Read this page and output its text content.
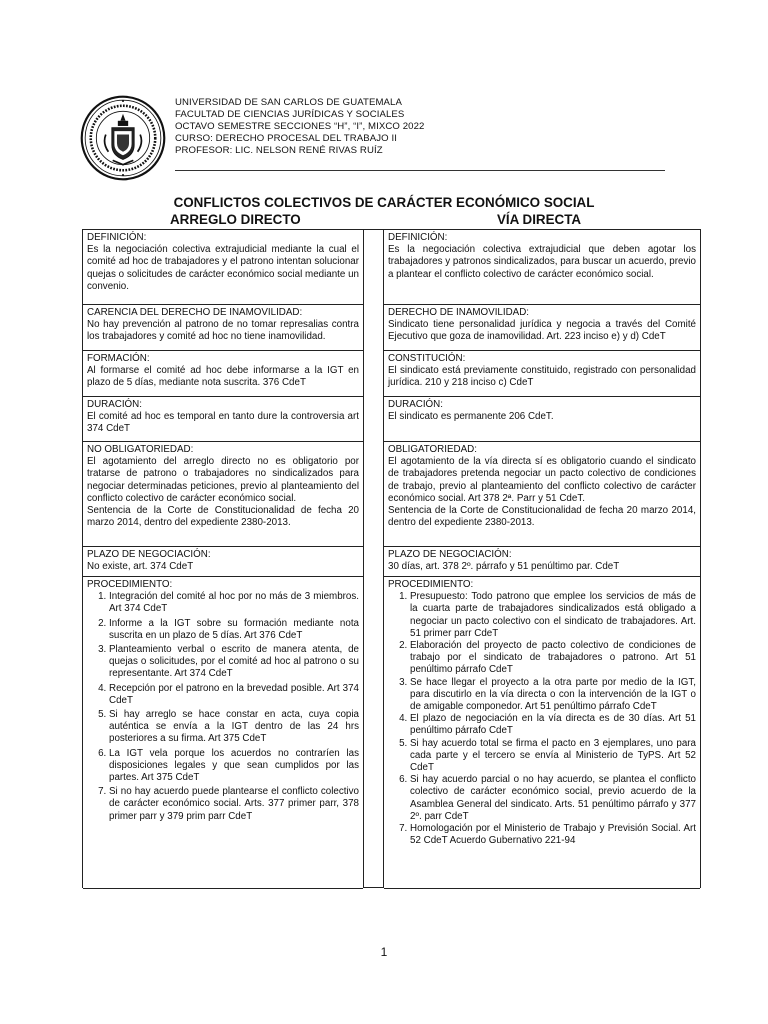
UNIVERSIDAD DE SAN CARLOS DE GUATEMALA
FACULTAD DE CIENCIAS JURÍDICAS Y SOCIALES
OCTAVO SEMESTRE SECCIONES “H”, “I”, MIXCO 2022
CURSO: DERECHO PROCESAL DEL TRABAJO II
PROFESOR: LIC. NELSON RENÉ RIVAS RUÍZ
CONFLICTOS COLECTIVOS DE CARÁCTER ECONÓMICO SOCIAL
ARREGLO DIRECTO	VÍA DIRECTA
DEFINICIÓN:
Es la negociación colectiva extrajudicial mediante la cual el comité ad hoc de trabajadores y el patrono intentan solucionar quejas o solicitudes de carácter económico social mediante un convenio.
CARENCIA DEL DERECHO DE INAMOVILIDAD:
No hay prevención al patrono de no tomar represalias contra los trabajadores y comité ad hoc no tiene inamovilidad.
FORMACIÓN:
Al formarse el comité ad hoc debe informarse a la IGT en plazo de 5 días, mediante nota suscrita. 376 CdeT
DURACIÓN:
El comité ad hoc es temporal en tanto dure la controversia art 374 CdeT
NO OBLIGATORIEDAD:
El agotamiento del arreglo directo no es obligatorio por tratarse de patrono o trabajadores no sindicalizados para negociar determinadas peticiones, previo al planteamiento del conflicto colectivo de carácter económico social.
Sentencia de la Corte de Constitucionalidad de fecha 20 marzo 2014, dentro del expediente 2380-2013.
PLAZO DE NEGOCIACIÓN:
No existe, art. 374 CdeT
PROCEDIMIENTO:
1. Integración del comité al hoc por no más de 3 miembros. Art 374 CdeT
2. Informe a la IGT sobre su formación mediante nota suscrita en un plazo de 5 días. Art 376 CdeT
3. Planteamiento verbal o escrito de manera atenta, de quejas o solicitudes, por el comité ad hoc al patrono o su representante. Art 374 CdeT
4. Recepción por el patrono en la brevedad posible. Art 374 CdeT
5. Si hay arreglo se hace constar en acta, cuya copia auténtica se envía a la IGT dentro de las 24 hrs posteriores a su firma. Art 375 CdeT
6. La IGT vela porque los acuerdos no contraríen las disposiciones legales y que sean cumplidos por las partes. Art 375 CdeT
7. Si no hay acuerdo puede plantearse el conflicto colectivo de carácter económico social. Arts. 377 primer parr, 378 primer parr y 379 prim parr CdeT
DEFINICIÓN:
Es la negociación colectiva extrajudicial que deben agotar los trabajadores y patronos sindicalizados, para buscar un acuerdo, previo a plantear el conflicto colectivo de carácter económico social.
DERECHO DE INAMOVILIDAD:
Sindicato tiene personalidad jurídica y negocia a través del Comité Ejecutivo que goza de inamovilidad. Art. 223 inciso e) y d) CdeT
CONSTITUCIÓN:
El sindicato está previamente constituido, registrado con personalidad jurídica. 210 y 218 inciso c) CdeT
DURACIÓN:
El sindicato es permanente 206 CdeT.
OBLIGATORIEDAD:
El agotamiento de la vía directa sí es obligatorio cuando el sindicato de trabajadores pretenda negociar un pacto colectivo de condiciones de trabajo, previo al planteamiento del conflicto colectivo de carácter económico social. Art 378 2ª. Parr y 51 CdeT.
Sentencia de la Corte de Constitucionalidad de fecha 20 marzo 2014, dentro del expediente 2380-2013.
PLAZO DE NEGOCIACIÓN:
30 días, art. 378 2º. párrafo y 51 penúltimo par. CdeT
PROCEDIMIENTO:
1. Presupuesto: Todo patrono que emplee los servicios de más de la cuarta parte de trabajadores sindicalizados está obligado a negociar un pacto colectivo con el sindicato de trabajadores. Art. 51 primer parr CdeT
2. Elaboración del proyecto de pacto colectivo de condiciones de trabajo por el sindicato de trabajadores o patrono. Art 51 penúltimo párrafo CdeT
3. Se hace llegar el proyecto a la otra parte por medio de la IGT, para discutirlo en la vía directa o con la intervención de la IGT o de amigable componedor. Art 51 penúltimo párrafo CdeT
4. El plazo de negociación en la vía directa es de 30 días. Art 51 penúltimo párrafo CdeT
5. Si hay acuerdo total se firma el pacto en 3 ejemplares, uno para cada parte y el tercero se envía al Ministerio de TyPS. Art 52 CdeT
6. Si hay acuerdo parcial o no hay acuerdo, se plantea el conflicto colectivo de carácter económico social, previo acuerdo de la Asamblea General del sindicato. Arts. 51 penúltimo párrafo y 377 2º. parr CdeT
7. Homologación por el Ministerio de Trabajo y Previsión Social. Art 52 CdeT Acuerdo Gubernativo 221-94
1
